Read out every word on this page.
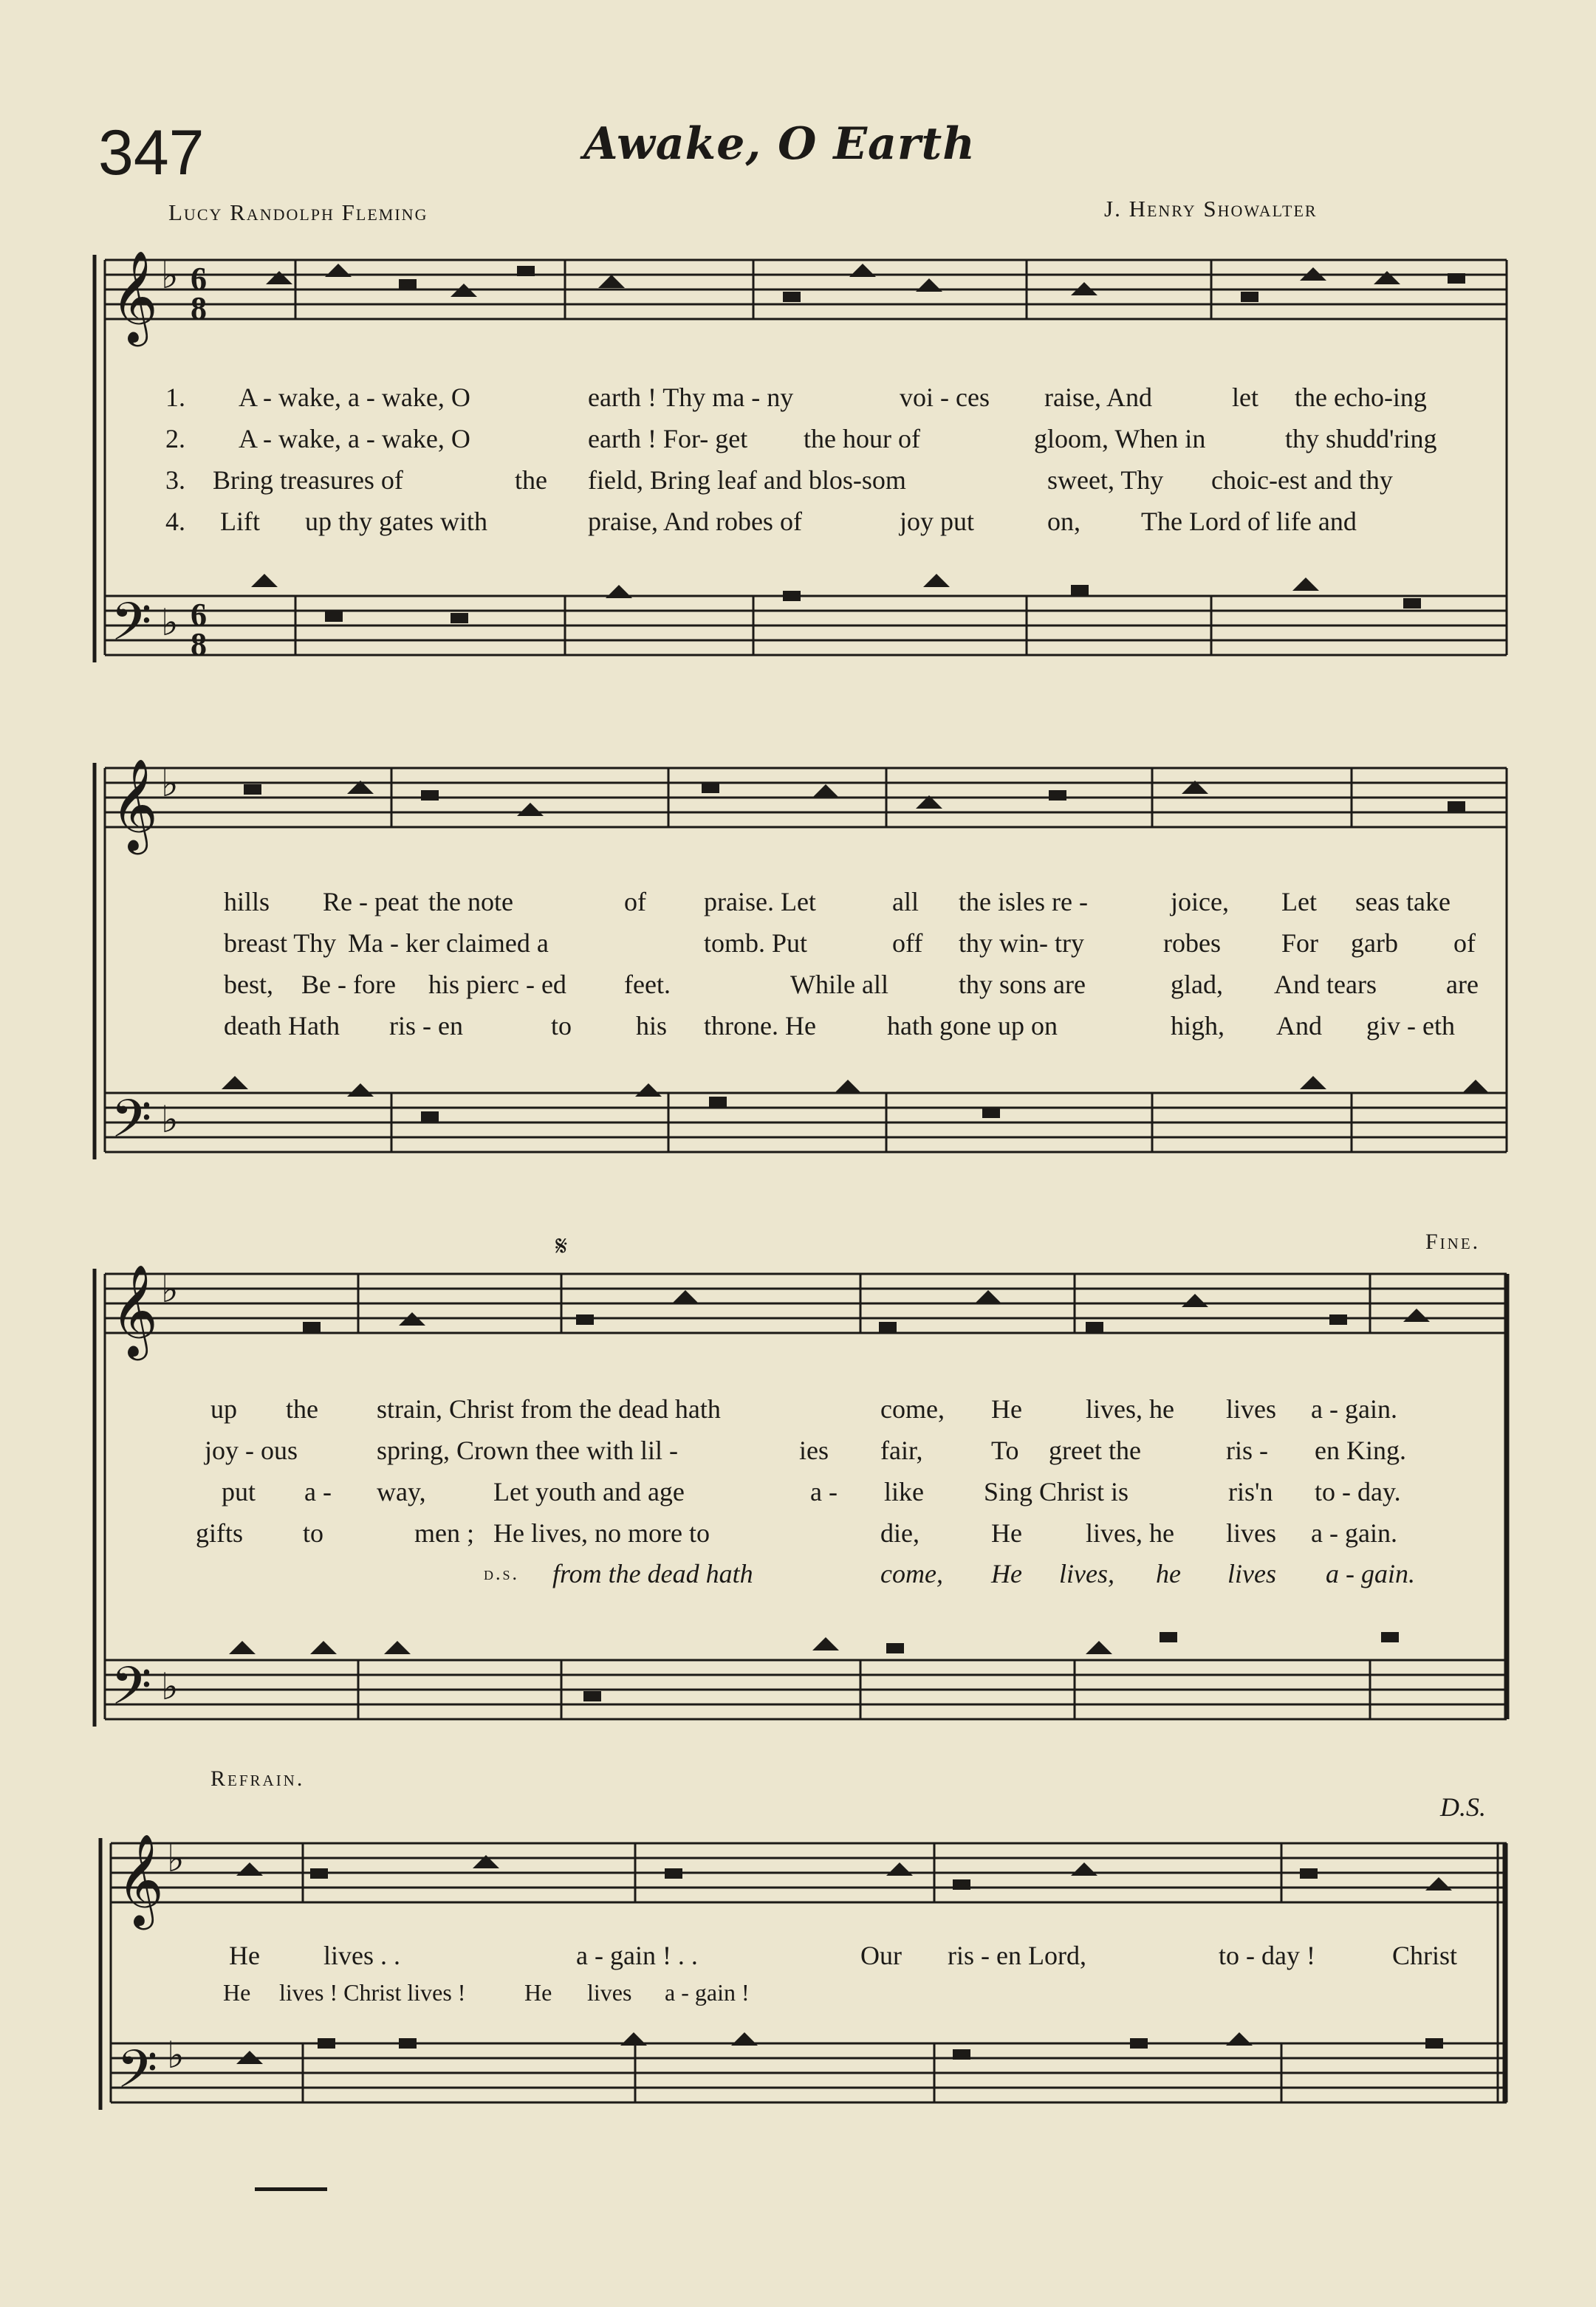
347	Awake, O Earth
Lucy Randolph Fleming	J. Henry Showalter
𝄞
𝄢
𝄞
𝄢
𝄞
𝄢
𝄞
𝄢
♭
♭
♭
♭
♭
♭
♭
♭
6
8
6
8
1.
2.
3.
4.
A - wake, a - wake, O	earth ! Thy ma - ny	voi - ces raise, And	let the echo-ing
A - wake, a - wake, O	earth ! For- get the hour of	gloom, When in	thy shudd'ring
Bring treasures of	the field, Bring leaf and blos-som	sweet, Thy choic-est and thy
Lift up thy gates with	praise, And robes of	joy put	on, The Lord of life and
hills Re - peat the note	of praise. Let	all the isles re -	joice, Let seas take
breast Thy Ma - ker claimed a	tomb. Put	off thy win- try	robes For garb of
best, Be - fore his pierc - ed feet.	While all	thy sons are	glad, And tears	are
death Hath ris - en	to his throne. He	hath gone up on	high, And giv - eth
𝄋	Fine.
up the strain, Christ from the dead hath	come, He lives, he lives a - gain.
joy - ous	spring, Crown thee with lil -	ies fair,	To greet the	ris - en King.
put a - way,	Let youth and age	a - like Sing Christ is	ris'n to - day.
gifts to	men ; He lives, no more to	die,	He lives, he lives a - gain.
d.s. from the dead hath	come, He lives, he lives a - gain.
Refrain.
D.S.
He lives . .	a - gain ! . .	Our ris - en Lord,	to - day !	Christ
He lives ! Christ lives ! He lives a - gain !
